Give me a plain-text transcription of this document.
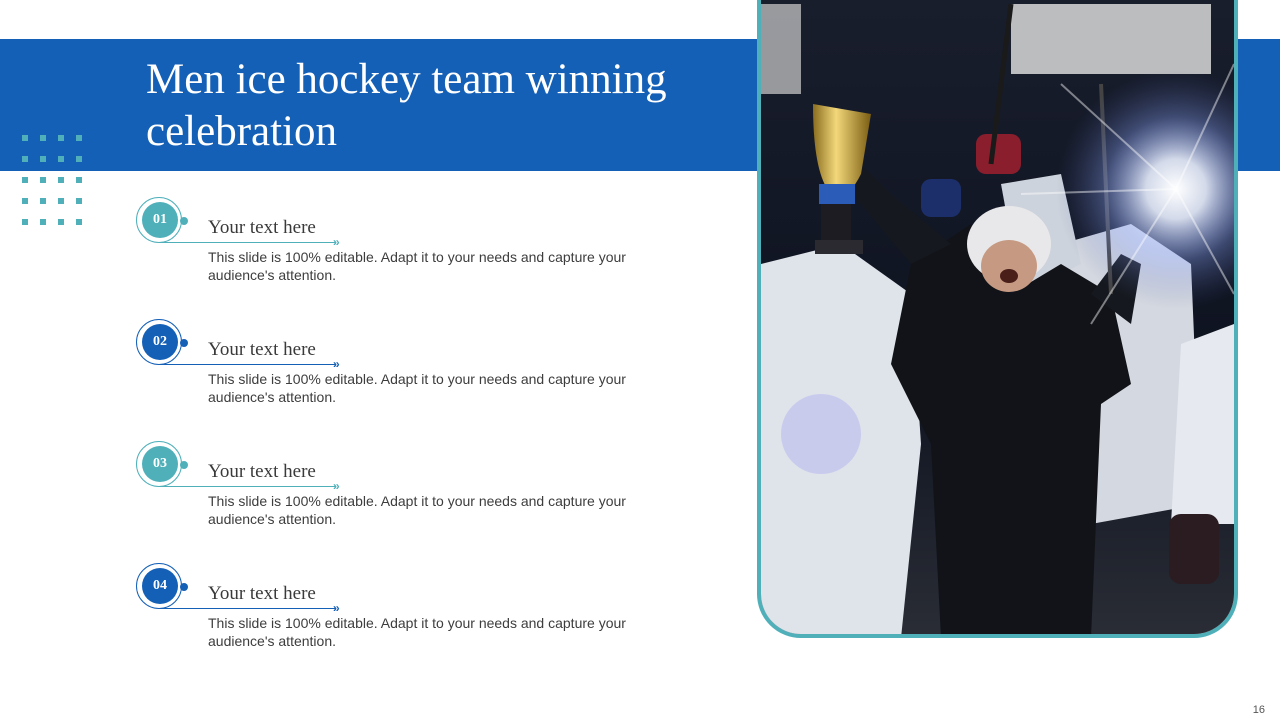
Men ice hockey team winning celebration
01
»
Your text here
This slide is 100% editable. Adapt it to your needs and capture your audience's attention.
02
»
Your text here
This slide is 100% editable. Adapt it to your needs and capture your audience's attention.
03
»
Your text here
This slide is 100% editable. Adapt it to your needs and capture your audience's attention.
04
»
Your text here
This slide is 100% editable. Adapt it to your needs and capture your audience's attention.
16
